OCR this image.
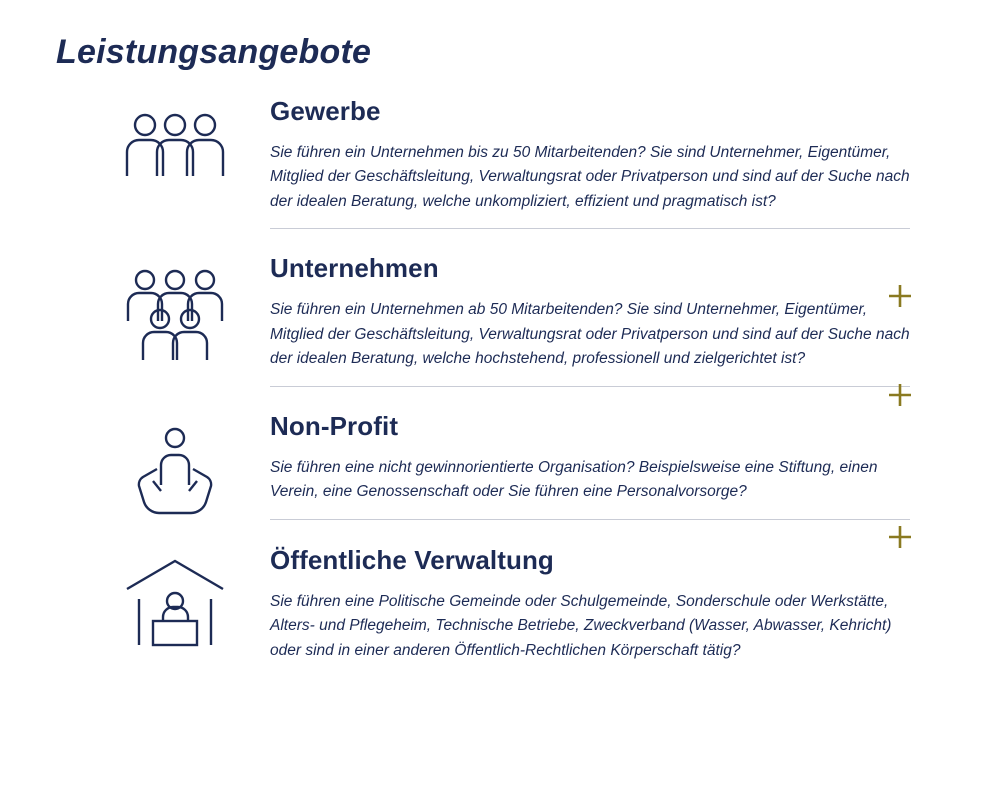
Leistungsangebote
Gewerbe

Sie führen ein Unternehmen bis zu 50 Mitarbeitenden? Sie sind Unternehmer, Eigentümer, Mitglied der Geschäftsleitung, Verwaltungsrat oder Privatperson und sind auf der Suche nach der idealen Beratung, welche unkompliziert, effizient und pragmatisch ist?

Unternehmen

Sie führen ein Unternehmen ab 50 Mitarbeitenden? Sie sind Unternehmer, Eigentümer, Mitglied der Geschäftsleitung, Verwaltungsrat oder Privatperson und sind auf der Suche nach der idealen Beratung, welche hochstehend, professionell und zielgerichtet ist?

Non-Profit

Sie führen eine nicht gewinnorientierte Organisation? Beispielsweise eine Stiftung, einen Verein, eine Genossenschaft oder Sie führen eine Personalvorsorge?

Öffentliche Verwaltung

Sie führen eine Politische Gemeinde oder Schulgemeinde, Sonderschule oder Werkstätte, Alters- und Pflegeheim, Technische Betriebe, Zweckverband (Wasser, Abwasser, Kehricht) oder sind in einer anderen Öffentlich-Rechtlichen Körperschaft tätig?
